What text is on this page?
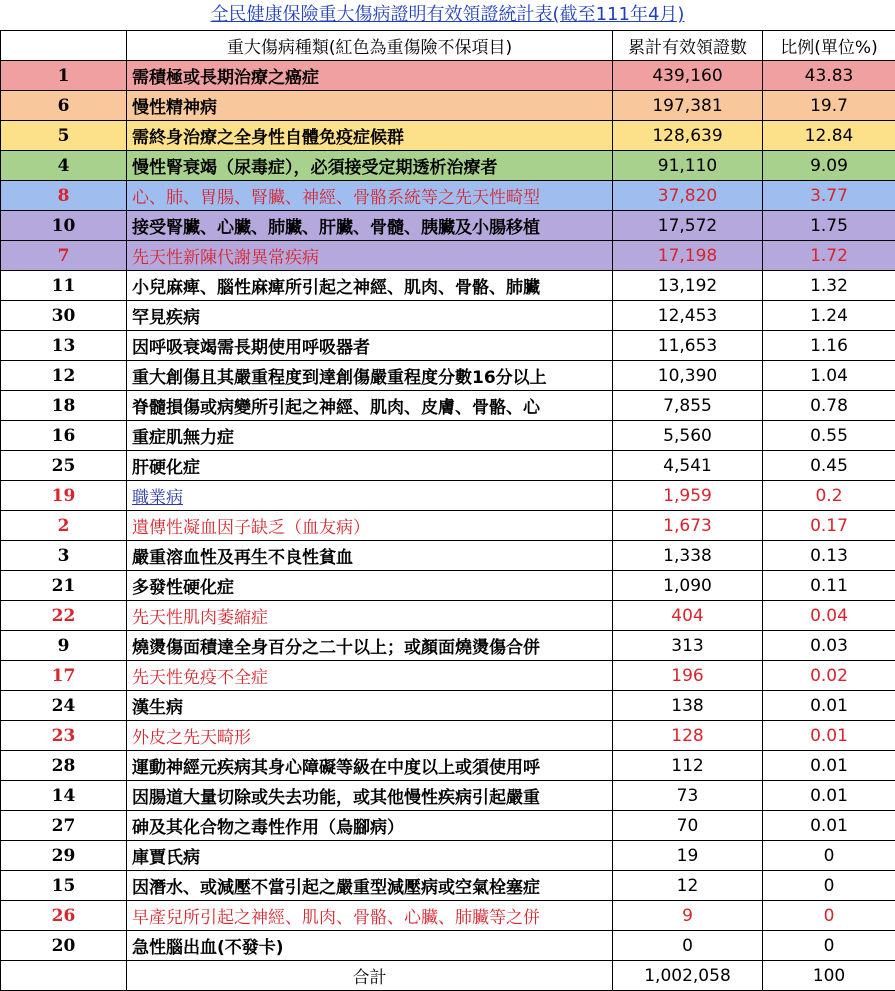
全民健康保險重大傷病證明有效領證統計表(截至111年4月)
	重大傷病種類(紅色為重傷險不保項目)	累計有效領證數	比例(單位%)
1	需積極或長期治療之癌症	439,160	43.83
6	慢性精神病	197,381	19.7
5	需終身治療之全身性自體免疫症候群	128,639	12.84
4	慢性腎衰竭（尿毒症），必須接受定期透析治療者	91,110	9.09
8	心、肺、胃腸、腎臟、神經、骨骼系統等之先天性畸型	37,820	3.77
10	接受腎臟、心臟、肺臟、肝臟、骨髓、胰臟及小腸移植	17,572	1.75
7	先天性新陳代謝異常疾病	17,198	1.72
11	小兒麻痺、腦性麻痺所引起之神經、肌肉、骨骼、肺臟	13,192	1.32
30	罕見疾病	12,453	1.24
13	因呼吸衰竭需長期使用呼吸器者	11,653	1.16
12	重大創傷且其嚴重程度到達創傷嚴重程度分數16分以上	10,390	1.04
18	脊髓損傷或病變所引起之神經、肌肉、皮膚、骨骼、心	7,855	0.78
16	重症肌無力症	5,560	0.55
25	肝硬化症	4,541	0.45
19	職業病	1,959	0.2
2	遺傳性凝血因子缺乏（血友病）	1,673	0.17
3	嚴重溶血性及再生不良性貧血	1,338	0.13
21	多發性硬化症	1,090	0.11
22	先天性肌肉萎縮症	404	0.04
9	燒燙傷面積達全身百分之二十以上；或顏面燒燙傷合併	313	0.03
17	先天性免疫不全症	196	0.02
24	漢生病	138	0.01
23	外皮之先天畸形	128	0.01
28	運動神經元疾病其身心障礙等級在中度以上或須使用呼	112	0.01
14	因腸道大量切除或失去功能，或其他慢性疾病引起嚴重	73	0.01
27	砷及其化合物之毒性作用（烏腳病）	70	0.01
29	庫賈氏病	19	0
15	因潛水、或減壓不當引起之嚴重型減壓病或空氣栓塞症	12	0
26	早產兒所引起之神經、肌肉、骨骼、心臟、肺臟等之併	9	0
20	急性腦出血(不發卡)	0	0
	合計	1,002,058	100
